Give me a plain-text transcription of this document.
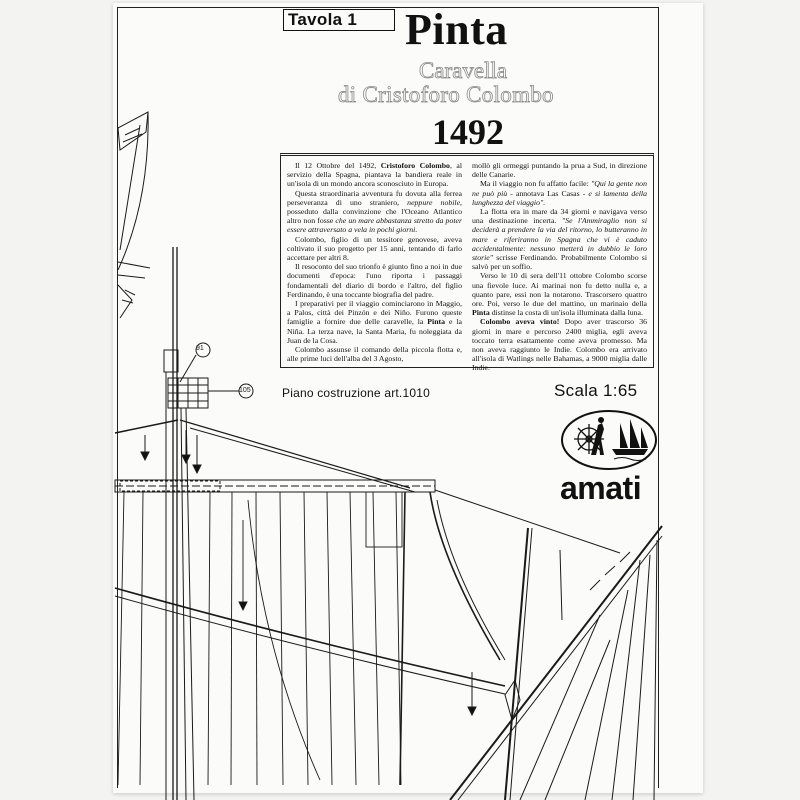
91
105
Tavola 1	Pinta
Caravella
di Cristoforo Colombo
1492

Il 12 Ottobre del 1492, Cristoforo Colombo, al servizio della Spagna, piantava la bandiera reale in un'isola di un mondo ancora sconosciuto in Europa.

Questa straordinaria avventura fu dovuta alla ferrea perseveranza di uno straniero, neppure nobile, posseduto dalla convinzione che l'Oceano Atlantico altro non fosse che un mare abbastanza stretto da poter essere attraversato a vela in pochi giorni.

Colombo, figlio di un tessitore genovese, aveva coltivato il suo progetto per 15 anni, tentando di farlo accettare per altri 8.

Il resoconto del suo trionfo è giunto fino a noi in due documenti d'epoca: l'uno riporta i passaggi fondamentali del diario di bordo e l'altro, del figlio Ferdinando, è una toccante biografia del padre.

I preparativi per il viaggio cominciarono in Maggio, a Palos, città dei Pinzón e dei Niño. Furono queste famiglie a fornire due delle caravelle, la Pinta e la Niña. La terza nave, la Santa Maria, fu noleggiata da Juan de la Cosa.

Colombo assunse il comando della piccola flotta e, alle prime luci dell'alba del 3 Agosto,

mollò gli ormeggi puntando la prua a Sud, in direzione delle Canarie.

Ma il viaggio non fu affatto facile: "Qui la gente non ne può più - annotava Las Casas - e si lamenta della lunghezza del viaggio".

La flotta era in mare da 34 giorni e navigava verso una destinazione incerta. "Se l'Ammiraglio non si deciderà a prendere la via del ritorno, lo butteranno in mare e riferiranno in Spagna che vi è caduto accidentalmente: nessuno metterà in dubbio le loro storie" scrisse Ferdinando. Probabilmente Colombo si salvò per un soffio.

Verso le 10 di sera dell'11 ottobre Colombo scorse una fievole luce. Ai marinai non fu detto nulla e, a quanto pare, essi non la notarono. Trascorsero quattro ore. Poi, verso le due del mattino, un marinaio della Pinta distinse la costa di un'isola illuminata dalla luna.

Colombo aveva vinto! Dopo aver trascorso 36 giorni in mare e percorso 2400 miglia, egli aveva toccato terra esattamente come aveva promesso. Ma non aveva raggiunto le Indie. Colombo era arrivato all'isola di Watlings nelle Bahamas, a 9000 miglia dalle Indie.

Piano costruzione art.1010	Scala 1:65
amati
